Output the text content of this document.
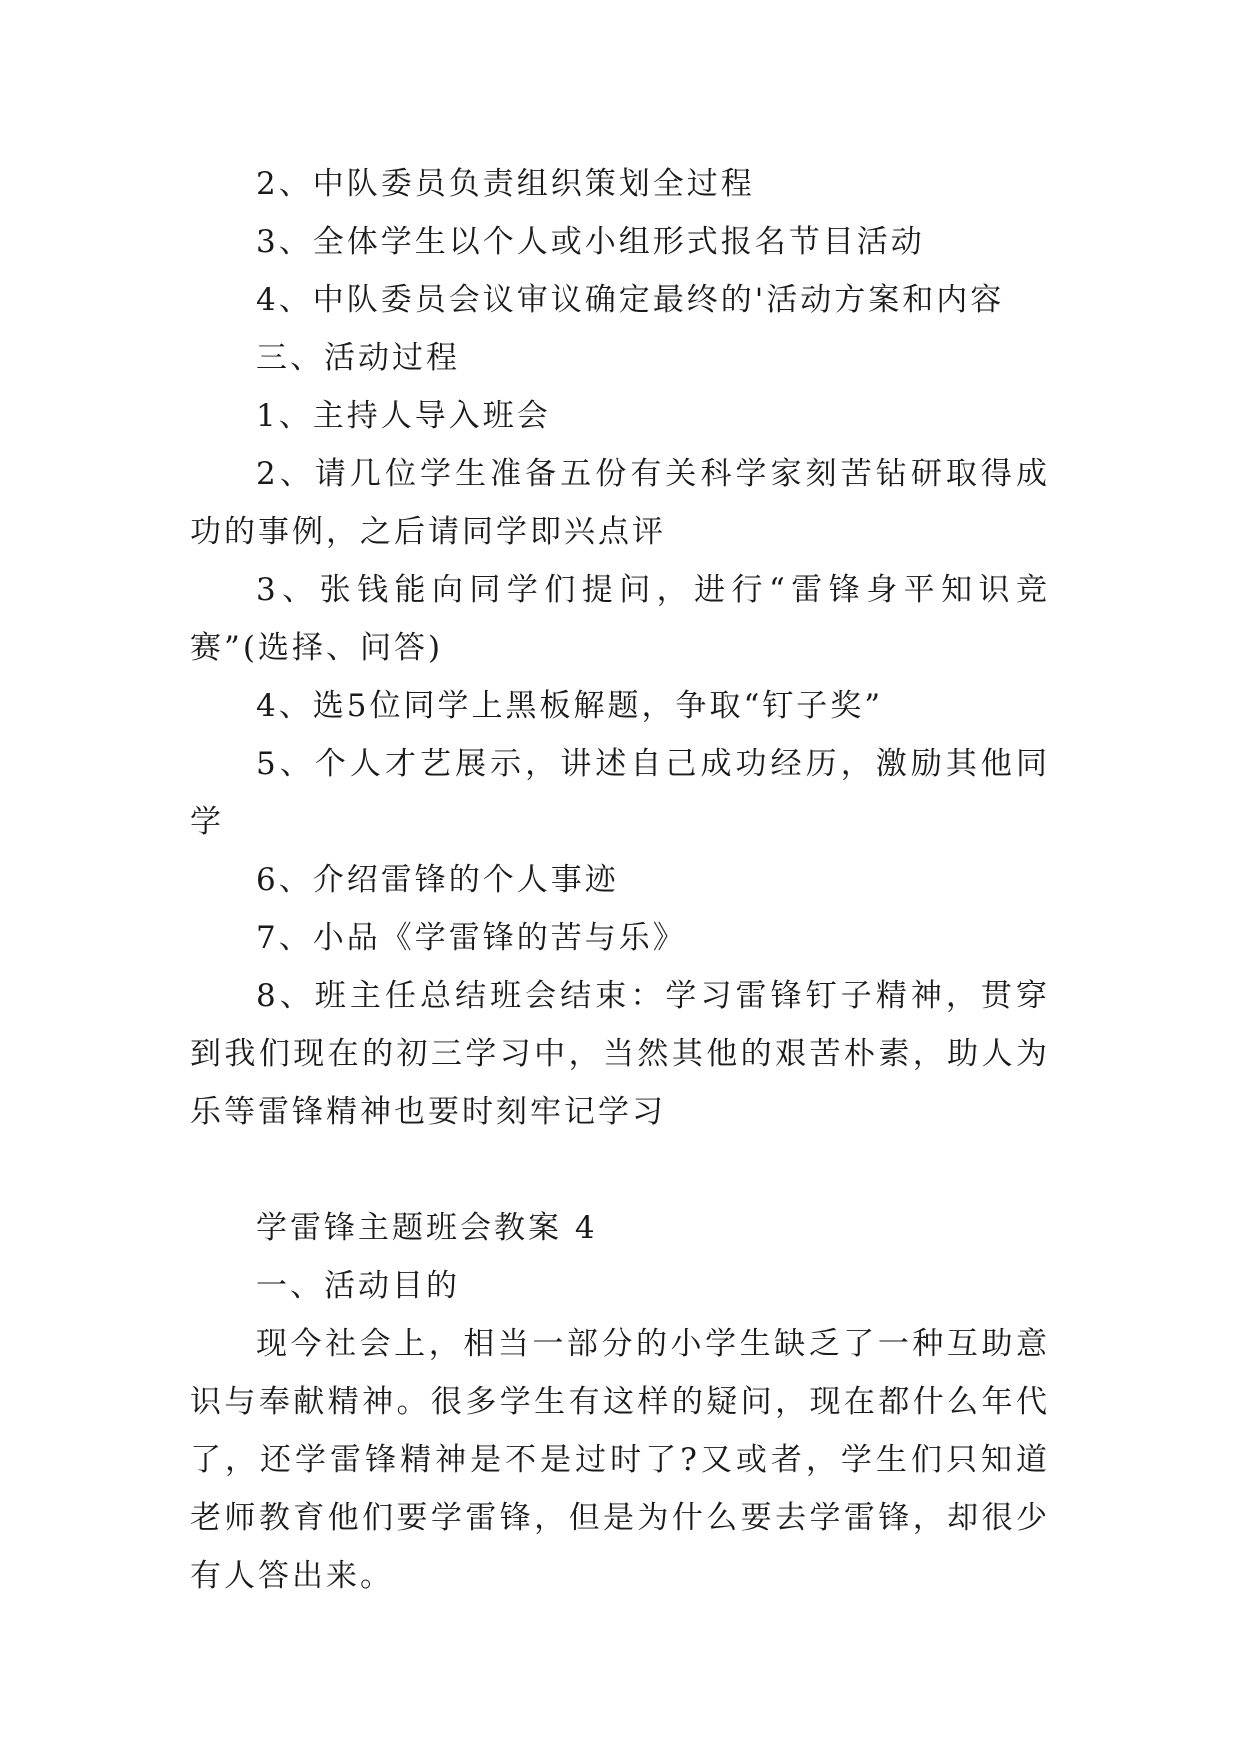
2、中队委员负责组织策划全过程

3、全体学生以个人或小组形式报名节目活动

4、中队委员会议审议确定最终的'活动方案和内容

三、活动过程

1、主持人导入班会

2、请几位学生准备五份有关科学家刻苦钻研取得成功的事例，之后请同学即兴点评

3、张钱能向同学们提问，进行“雷锋身平知识竞赛”(选择、问答)

4、选5位同学上黑板解题，争取“钉子奖”

5、个人才艺展示，讲述自己成功经历，激励其他同学

6、介绍雷锋的个人事迹

7、小品《学雷锋的苦与乐》

8、班主任总结班会结束：学习雷锋钉子精神，贯穿到我们现在的初三学习中，当然其他的艰苦朴素，助人为乐等雷锋精神也要时刻牢记学习

学雷锋主题班会教案 4

一、活动目的

现今社会上，相当一部分的小学生缺乏了一种互助意识与奉献精神。很多学生有这样的疑问，现在都什么年代了，还学雷锋精神是不是过时了?又或者，学生们只知道老师教育他们要学雷锋，但是为什么要去学雷锋，却很少有人答出来。
